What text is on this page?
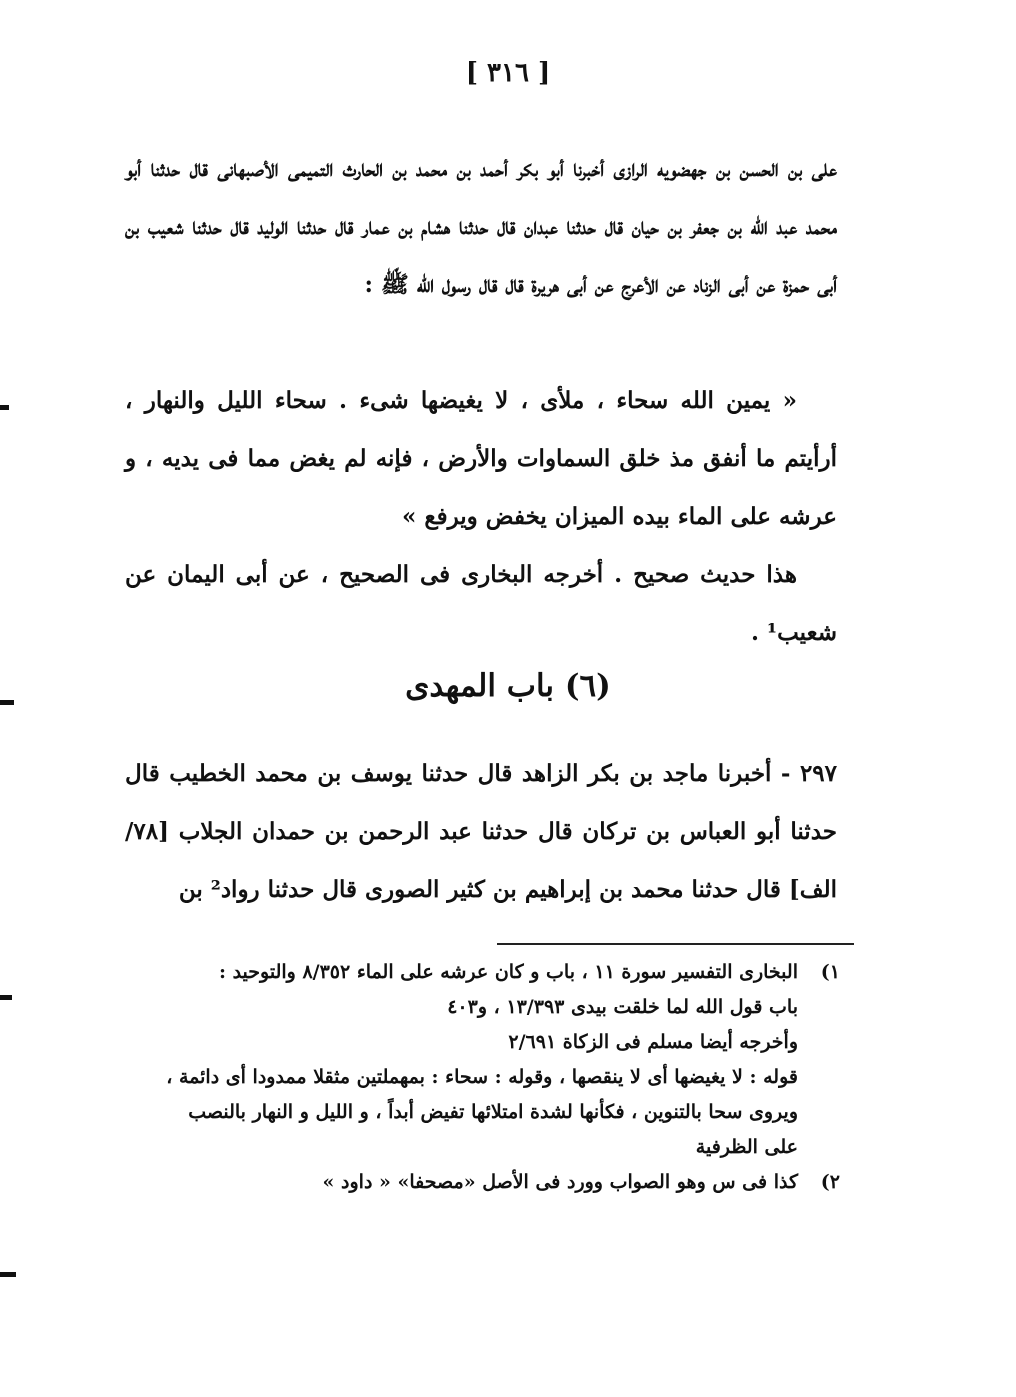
[ ٣١٦ ]

على بن الحسن بن جهضويه الرازى أخبرنا أبو بكر أحمد بن محمد بن الحارث التميمى الأصبهانى قال حدثنا أبو محمد عبد الله بن جعفر بن حيان قال حدثنا عبدان قال حدثنا هشام بن عمار قال حدثنا الوليد قال حدثنا شعيب بن أبى حمزة عن أبى الزناد عن الأعرج عن أبى هريرة قال قال رسول الله ﷺ :

« يمين الله سحاء ، ملأى ، لا يغيضها شىء . سحاء الليل والنهار ، أرأيتم ما أنفق مذ خلق السماوات والأرض ، فإنه لم يغض مما فى يديه ، و عرشه على الماء بيده الميزان يخفض ويرفع »

هذا حديث صحيح . أخرجه البخارى فى الصحيح ، عن أبى اليمان عن شعيب¹ .

(٦) باب المهدى

٢٩٧ - أخبرنا ماجد بن بكر الزاهد قال حدثنا يوسف بن محمد الخطيب قال حدثنا أبو العباس بن تركان قال حدثنا عبد الرحمن بن حمدان الجلاب [٧٨/ الف] قال حدثنا محمد بن إبراهيم بن كثير الصورى قال حدثنا رواد² بن

١)
البخارى التفسير سورة ١١ ، باب و كان عرشه على الماء ٨/٣٥٢ والتوحيد :
باب قول الله لما خلقت بيدى ١٣/٣٩٣ ، و٤٠٣
وأخرجه أيضا مسلم فى الزكاة ٢/٦٩١
قوله : لا يغيضها أى لا ينقصها ، وقوله : سحاء : بمهملتين مثقلا ممدودا أى دائمة ،
ويروى سحا بالتنوين ، فكأنها لشدة امتلائها تفيض أبداً ، و الليل و النهار بالنصب
على الظرفية
٢)
كذا فى س وهو الصواب وورد فى الأصل «مصحفا» « داود »
